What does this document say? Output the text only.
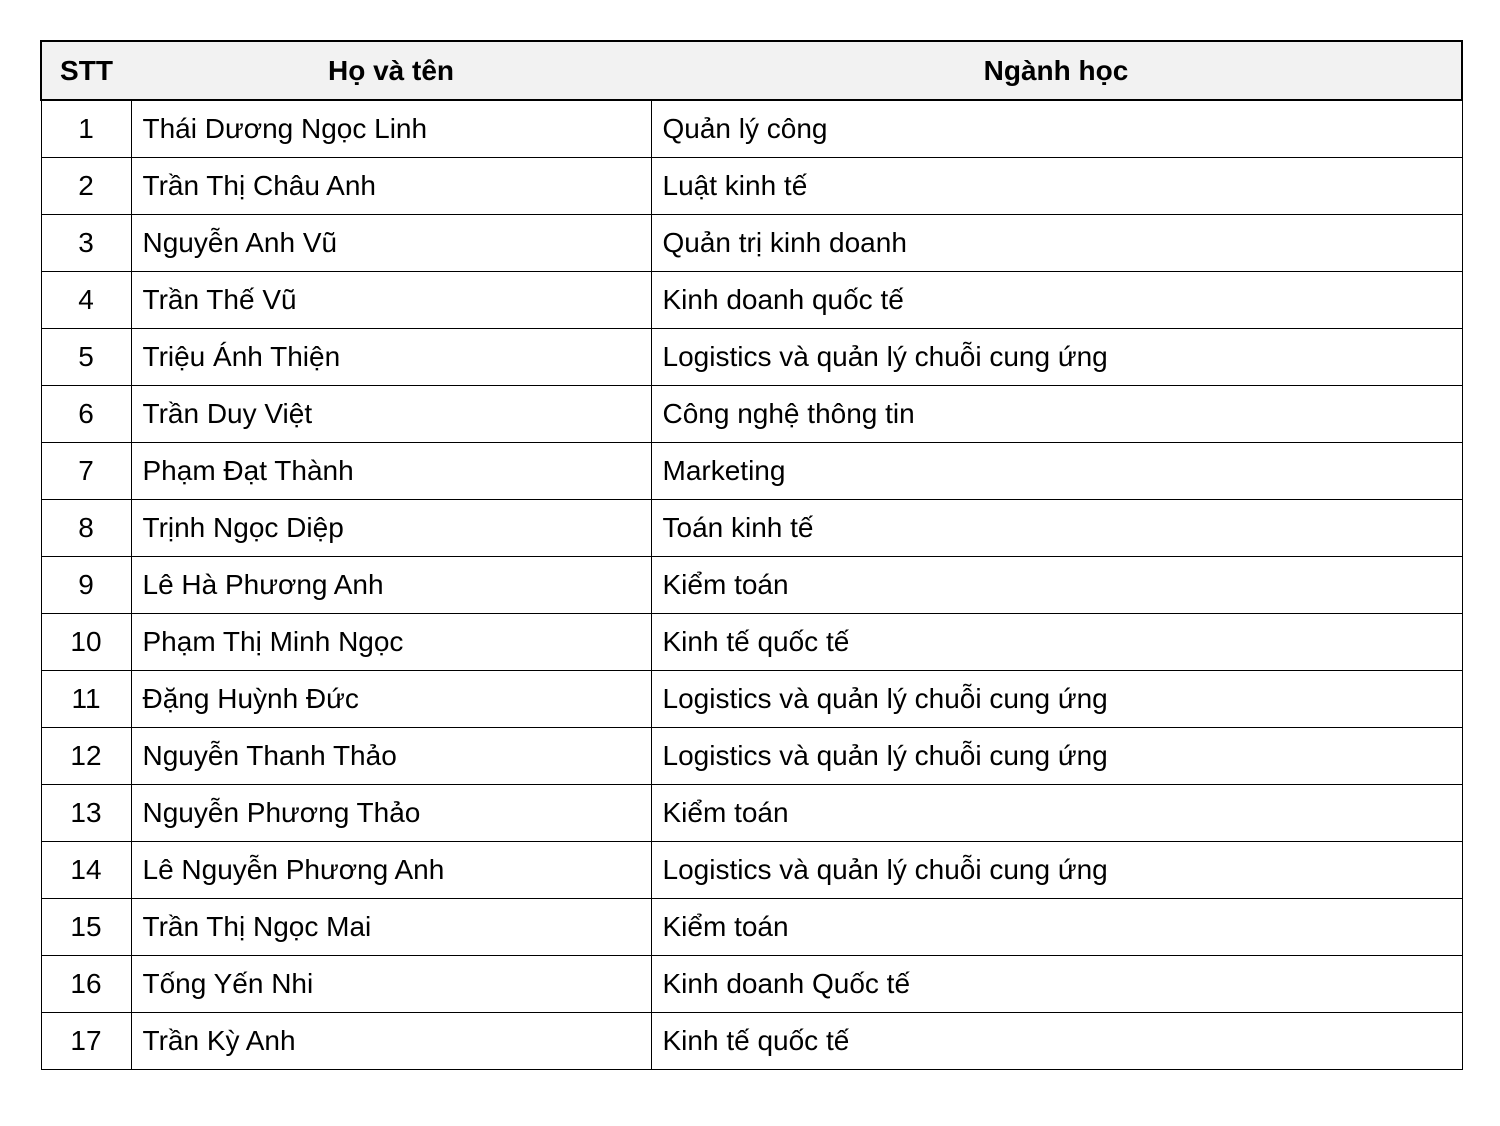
STT	Họ và tên	Ngành học
1	Thái Dương Ngọc Linh	Quản lý công
2	Trần Thị Châu Anh	Luật kinh tế
3	Nguyễn Anh Vũ	Quản trị kinh doanh
4	Trần Thế Vũ	Kinh doanh quốc tế
5	Triệu Ánh Thiện	Logistics và quản lý chuỗi cung ứng
6	Trần Duy Việt	Công nghệ thông tin
7	Phạm Đạt Thành	Marketing
8	Trịnh Ngọc Diệp	Toán kinh tế
9	Lê Hà Phương Anh	Kiểm toán
10	Phạm Thị Minh Ngọc	Kinh tế quốc tế
11	Đặng Huỳnh Đức	Logistics và quản lý chuỗi cung ứng
12	Nguyễn Thanh Thảo	Logistics và quản lý chuỗi cung ứng
13	Nguyễn Phương Thảo	Kiểm toán
14	Lê Nguyễn Phương Anh	Logistics và quản lý chuỗi cung ứng
15	Trần Thị Ngọc Mai	Kiểm toán
16	Tống Yến Nhi	Kinh doanh Quốc tế
17	Trần Kỳ Anh	Kinh tế quốc tế
